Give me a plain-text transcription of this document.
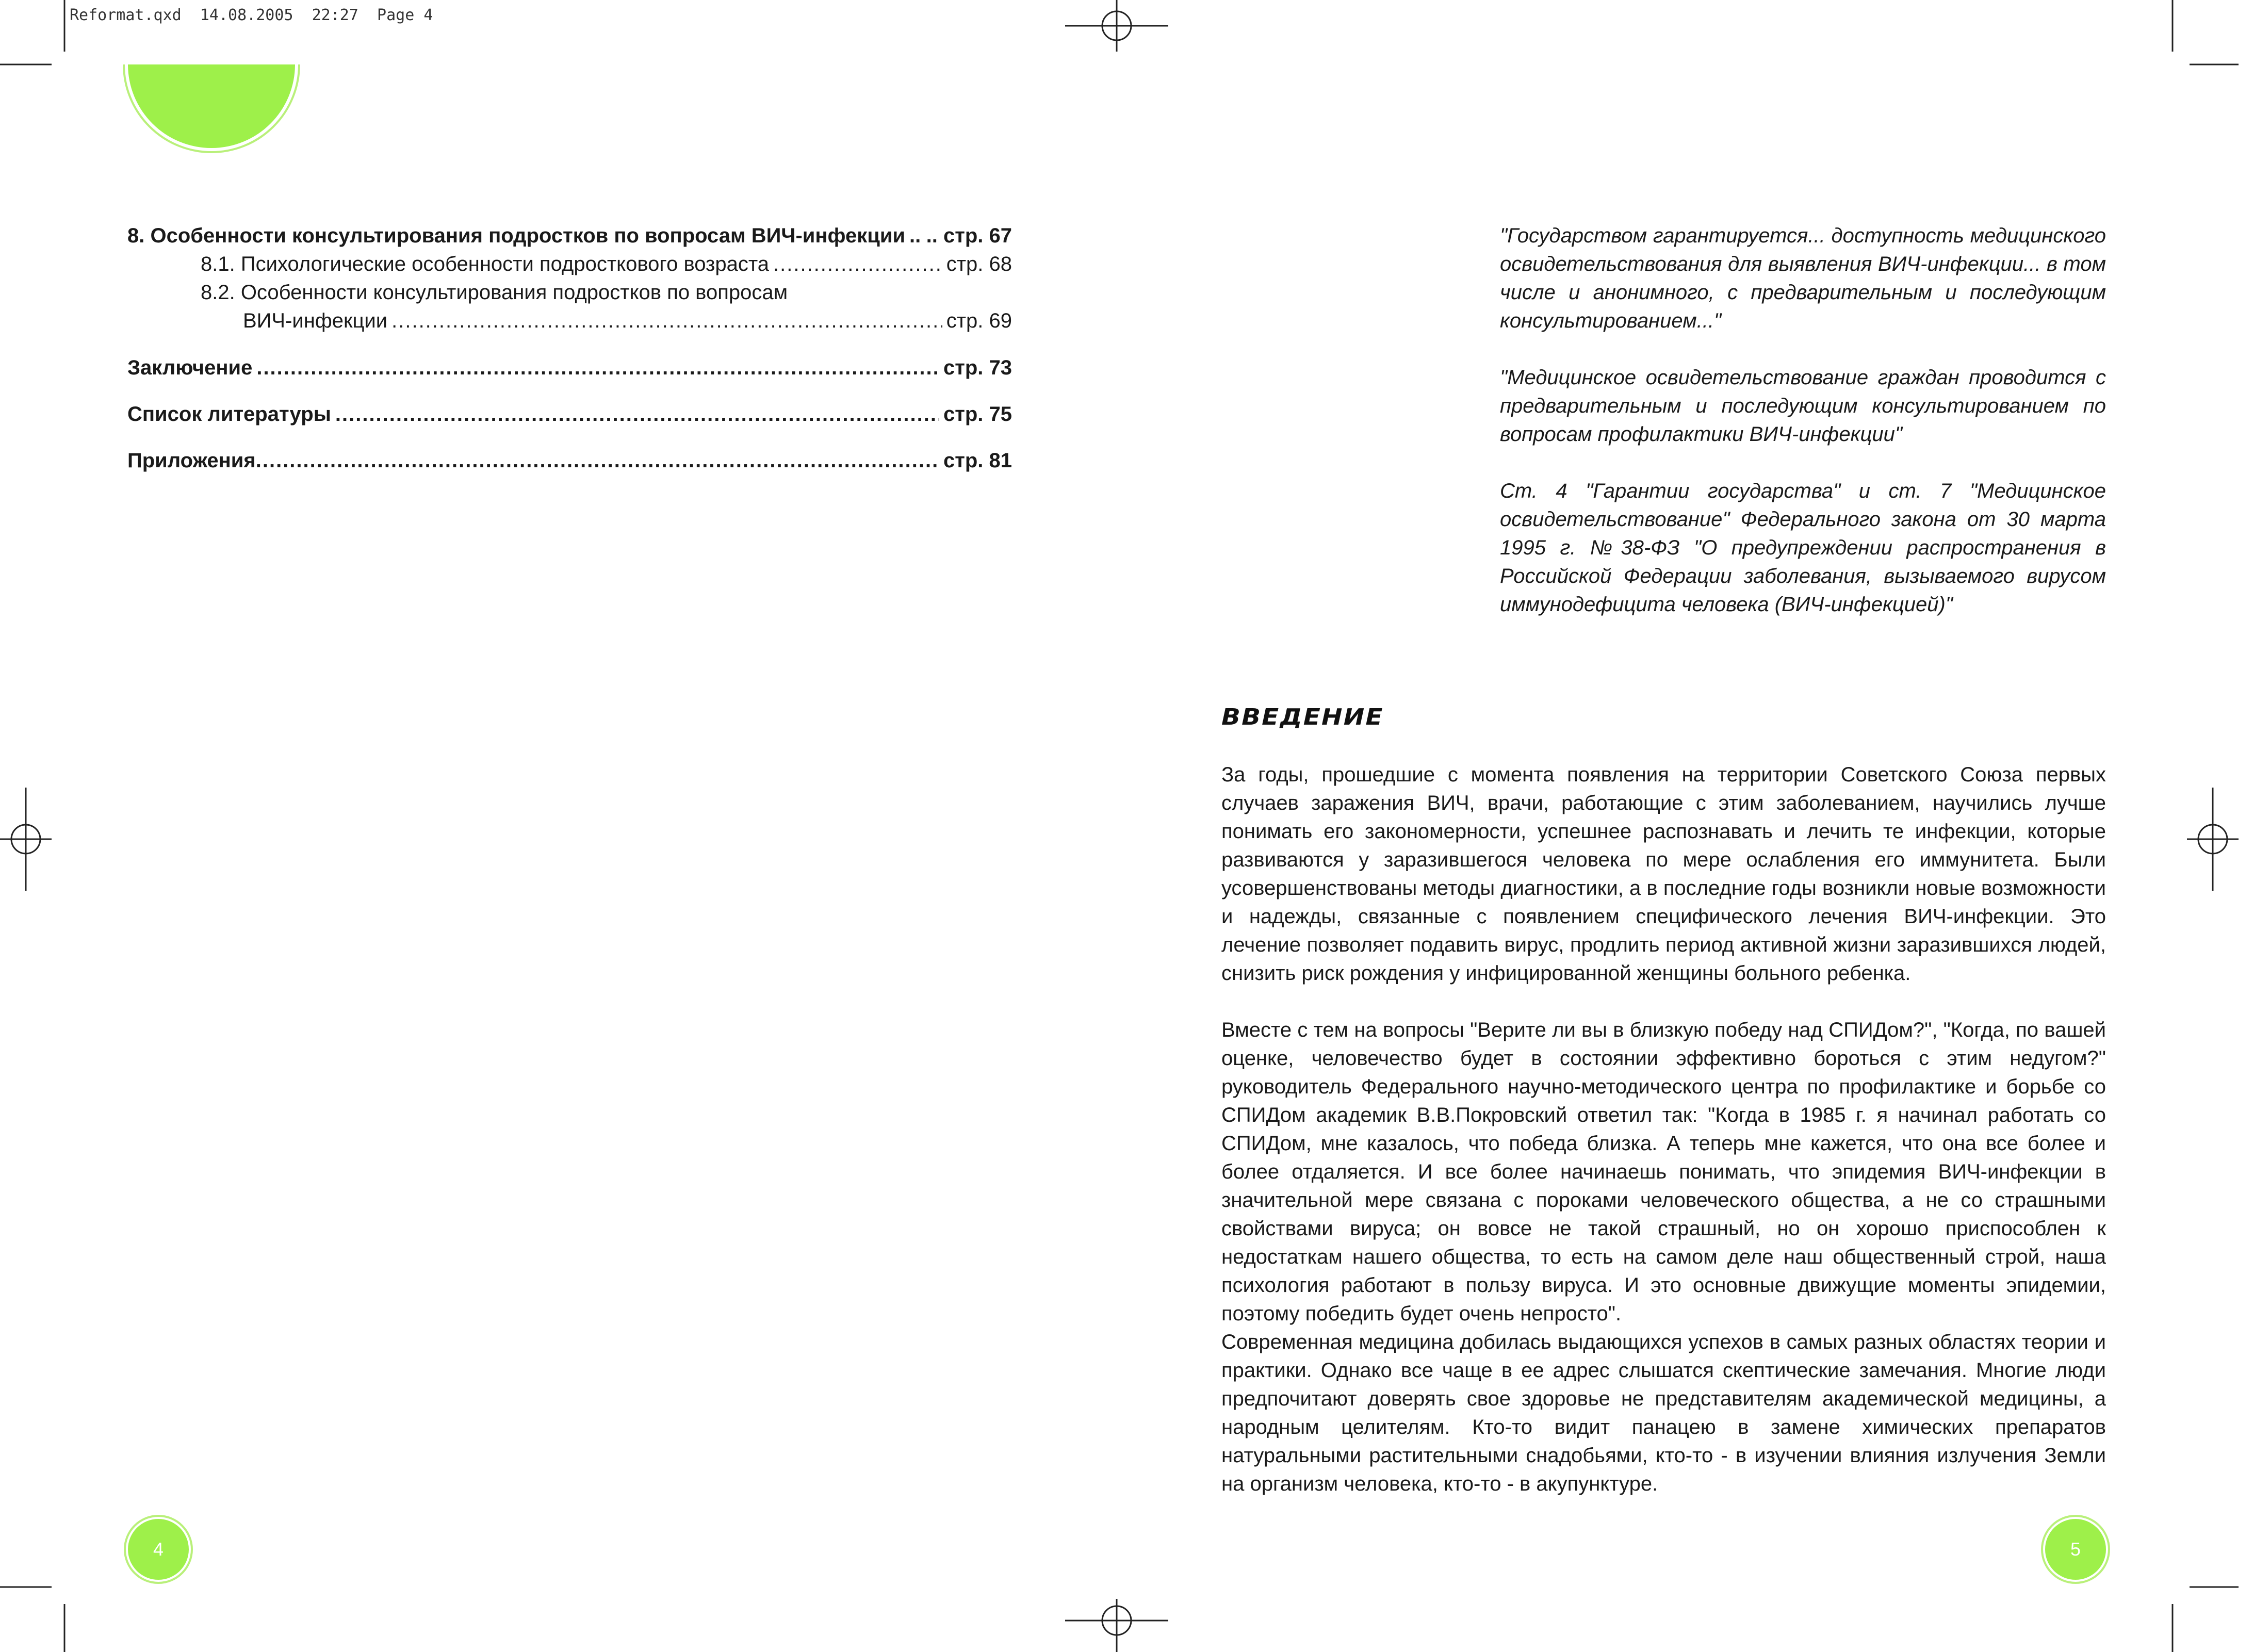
Reformat.qxd  14.08.2005  22:27  Page 4
8. Особенности консультирования подростков по вопросам ВИЧ-инфекции ..... .. стр. 67
8.1. Психологические особенности подросткового возраста .....	стр. 68
8.2. Особенности консультирования подростков по вопросам
ВИЧ-инфекции .....	стр. 69
Заключение .....	стр. 73
Список литературы .....	стр. 75
Приложения .....	стр. 81
"Государством гарантируется... доступность медицинского освидетельствования для выявления ВИЧ-инфекции... в том числе и анонимного, с предварительным и последующим консультированием..."
"Медицинское освидетельствование граждан проводится с предварительным и последующим консультированием по вопросам профилактики ВИЧ-инфекции"
Ст. 4 "Гарантии государства" и ст. 7 "Медицинское освидетельствование" Федерального закона от 30 марта 1995 г. №38-ФЗ "О предупреждении распространения в Российской Федерации заболевания, вызываемого вирусом иммунодефицита человека (ВИЧ-инфекцией)"
ВВЕДЕНИЕ
За годы, прошедшие с момента появления на территории Советского Союза первых случаев заражения ВИЧ, врачи, работающие с этим заболеванием, научились лучше понимать его закономерности, успешнее распознавать и лечить те инфекции, которые развиваются у заразившегося человека по мере ослабления его иммунитета. Были усовершенствованы методы диагностики, а в последние годы возникли новые возможности и надежды, связанные с появлением специфического лечения ВИЧ-инфекции. Это лечение позволяет подавить вирус, продлить период активной жизни заразившихся людей, снизить риск рождения у инфицированной женщины больного ребенка.
Вместе с тем на вопросы "Верите ли вы в близкую победу над СПИДом?", "Когда, по вашей оценке, человечество будет в состоянии эффективно бороться с этим недугом?" руководитель Федерального научно-методического центра по профилактике и борьбе со СПИДом академик В.В.Покровский ответил так: "Когда в 1985 г. я начинал работать со СПИДом, мне казалось, что победа близка. А теперь мне кажется, что она все более и более отдаляется. И все более начинаешь понимать, что эпидемия ВИЧ-инфекции в значительной мере связана с пороками человеческого общества, а не со страшными свойствами вируса; он вовсе не такой страшный, но он хорошо приспособлен к недостаткам нашего общества, то есть на самом деле наш общественный строй, наша психология работают в пользу вируса. И это основные движущие моменты эпидемии, поэтому победить будет очень непросто".
Современная медицина добилась выдающихся успехов в самых разных областях теории и практики. Однако все чаще в ее адрес слышатся скептические замечания. Многие люди предпочитают доверять свое здоровье не представителям академической медицины, а народным целителям. Кто-то видит панацею в замене химических препаратов натуральными растительными снадобьями, кто-то - в изучении влияния излучения Земли на организм человека, кто-то - в акупунктуре.
4	5
